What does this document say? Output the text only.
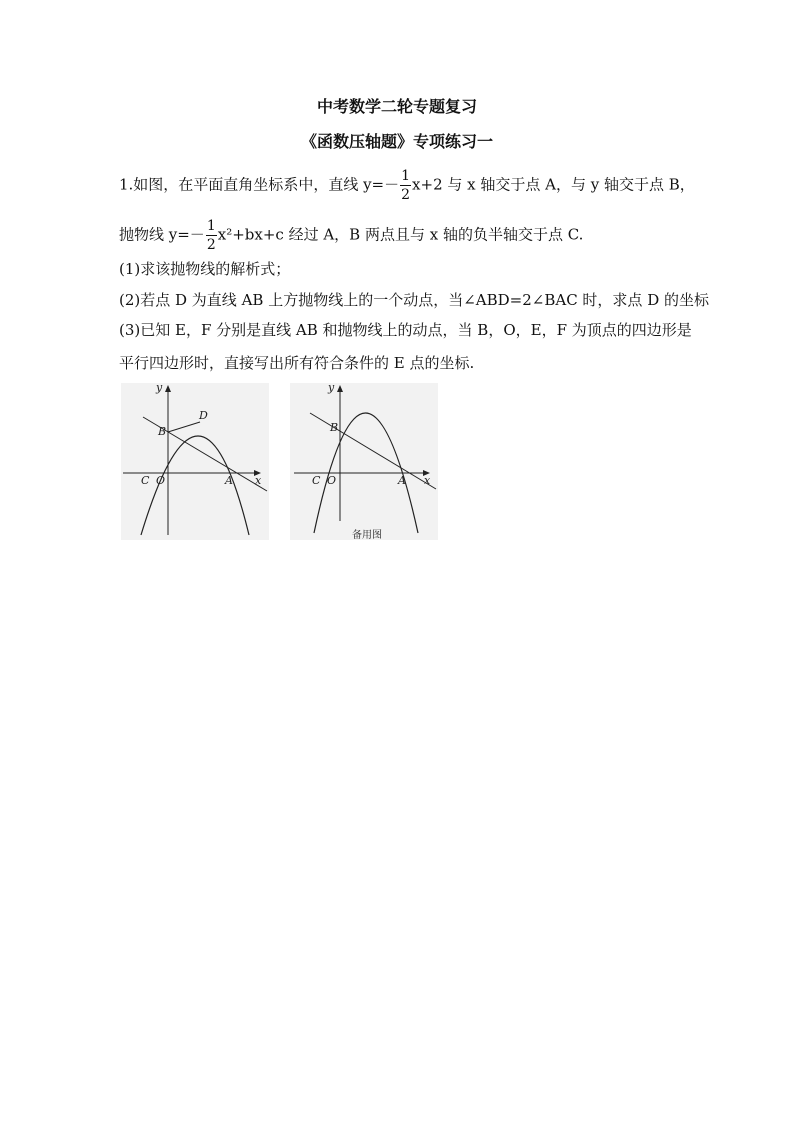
中考数学二轮专题复习
《函数压轴题》专项练习一
1.如图，在平面直角坐标系中，直线 $y=- \frac{1}{2} x+2$ 与 x 轴交于点 A，与 y 轴交于点 B，
抛物线 $y=- \frac{1}{2} x^2+bx+c$ 经过 A，B 两点且与 x 轴的负半轴交于点 C.
(1)求该抛物线的解析式；
(2)若点 D 为直线 AB 上方抛物线上的一个动点，当∠ABD=2∠BAC 时，求点 D 的坐标
(3)已知 E，F 分别是直线 AB 和抛物线上的动点，当 B，O，E，F 为顶点的四边形是
平行四边形时，直接写出所有符合条件的 E 点的坐标.
y
x
B
D
C O	A
y
x
B
C O	A
备用图
